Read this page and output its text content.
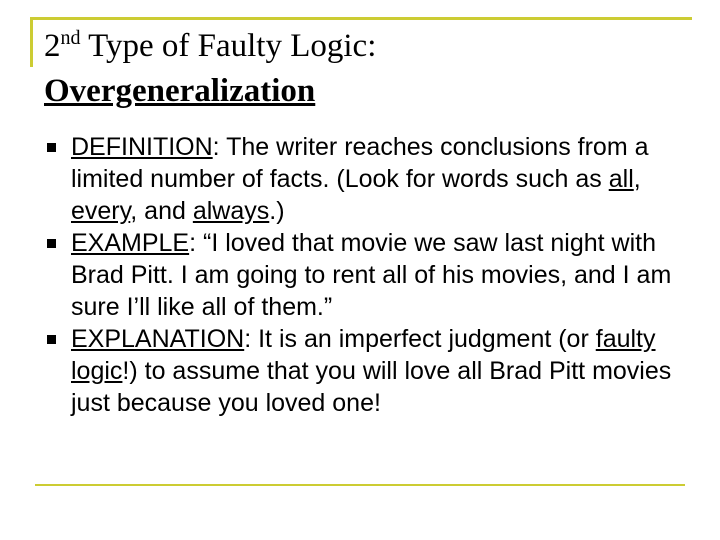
2nd Type of Faulty Logic:
Overgeneralization
DEFINITION: The writer reaches conclusions from a limited number of facts. (Look for words such as all, every, and always.)
EXAMPLE: “I loved that movie we saw last night with Brad Pitt. I am going to rent all of his movies, and I am sure I’ll like all of them.”
EXPLANATION: It is an imperfect judgment (or faulty logic!) to assume that you will love all Brad Pitt movies just because you loved one!
